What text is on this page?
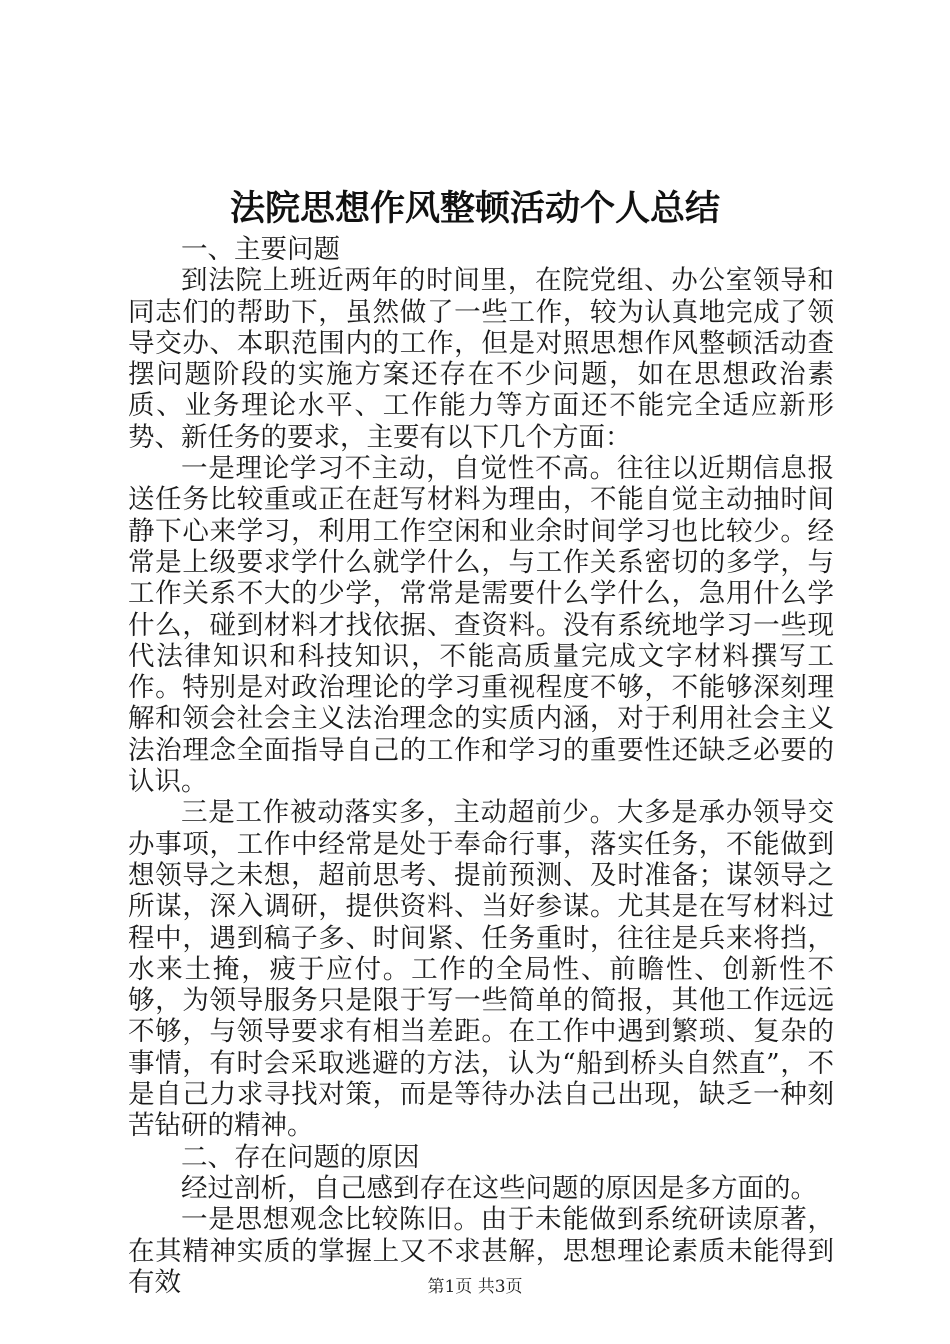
法院思想作风整顿活动个人总结

一、主要问题

到法院上班近两年的时间里，在院党组、办公室领导和同志们的帮助下，虽然做了一些工作，较为认真地完成了领导交办、本职范围内的工作，但是对照思想作风整顿活动查摆问题阶段的实施方案还存在不少问题，如在思想政治素质、业务理论水平、工作能力等方面还不能完全适应新形势、新任务的要求，主要有以下几个方面：

一是理论学习不主动，自觉性不高。往往以近期信息报送任务比较重或正在赶写材料为理由，不能自觉主动抽时间静下心来学习，利用工作空闲和业余时间学习也比较少。经常是上级要求学什么就学什么，与工作关系密切的多学，与工作关系不大的少学，常常是需要什么学什么，急用什么学什么，碰到材料才找依据、查资料。没有系统地学习一些现代法律知识和科技知识，不能高质量完成文字材料撰写工作。特别是对政治理论的学习重视程度不够，不能够深刻理解和领会社会主义法治理念的实质内涵，对于利用社会主义法治理念全面指导自己的工作和学习的重要性还缺乏必要的认识。

三是工作被动落实多，主动超前少。大多是承办领导交办事项，工作中经常是处于奉命行事，落实任务，不能做到想领导之未想，超前思考、提前预测、及时准备；谋领导之所谋，深入调研，提供资料、当好参谋。尤其是在写材料过程中，遇到稿子多、时间紧、任务重时，往往是兵来将挡，水来土掩，疲于应付。工作的全局性、前瞻性、创新性不够，为领导服务只是限于写一些简单的简报，其他工作远远不够，与领导要求有相当差距。在工作中遇到繁琐、复杂的事情，有时会采取逃避的方法，认为“船到桥头自然直”，不是自己力求寻找对策，而是等待办法自己出现，缺乏一种刻苦钻研的精神。

二、存在问题的原因

经过剖析，自己感到存在这些问题的原因是多方面的。

一是思想观念比较陈旧。由于未能做到系统研读原著，在其精神实质的掌握上又不求甚解，思想理论素质未能得到有效	第1页 共3页
